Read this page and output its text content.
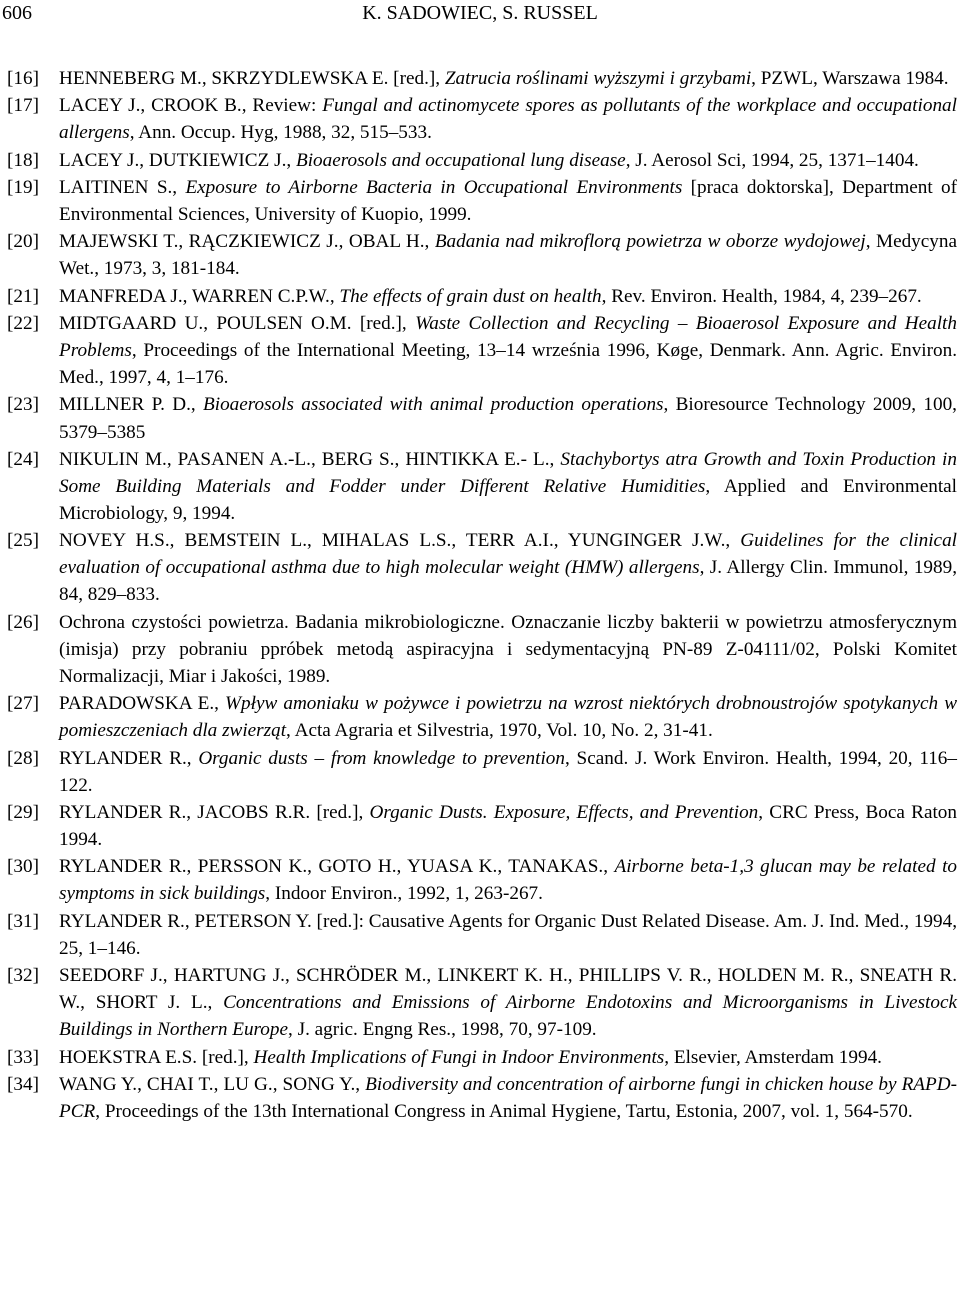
606	K. SADOWIEC, S. RUSSEL
[16] HENNEBERG M., SKRZYDLEWSKA E. [red.], Zatrucia roślinami wyższymi i grzybami, PZWL, Warszawa 1984.
[17] LACEY J., CROOK B., Review: Fungal and actinomycete spores as pollutants of the workplace and occupational allergens, Ann. Occup. Hyg, 1988, 32, 515–533.
[18] LACEY J., DUTKIEWICZ J., Bioaerosols and occupational lung disease, J. Aerosol Sci, 1994, 25, 1371–1404.
[19] LAITINEN S., Exposure to Airborne Bacteria in Occupational Environments [praca doktorska], Department of Environmental Sciences, University of Kuopio, 1999.
[20] MAJEWSKI T., RĄCZKIEWICZ J., OBAL H., Badania nad mikroflorą powietrza w oborze wydojowej, Medycyna Wet., 1973, 3, 181-184.
[21] MANFREDA J., WARREN C.P.W., The effects of grain dust on health, Rev. Environ. Health, 1984, 4, 239–267.
[22] MIDTGAARD U., POULSEN O.M. [red.], Waste Collection and Recycling – Bioaerosol Exposure and Health Problems, Proceedings of the International Meeting, 13–14 września 1996, Køge, Denmark. Ann. Agric. Environ. Med., 1997, 4, 1–176.
[23] MILLNER P. D., Bioaerosols associated with animal production operations, Bioresource Technology 2009, 100, 5379–5385
[24] NIKULIN M., PASANEN A.-L., BERG S., HINTIKKA E.- L., Stachybortys atra Growth and Toxin Production in Some Building Materials and Fodder under Different Relative Humidities, Applied and Environmental Microbiology, 9, 1994.
[25] NOVEY H.S., BEMSTEIN L., MIHALAS L.S., TERR A.I., YUNGINGER J.W., Guidelines for the clinical evaluation of occupational asthma due to high molecular weight (HMW) allergens, J. Allergy Clin. Immunol, 1989, 84, 829–833.
[26] Ochrona czystości powietrza. Badania mikrobiologiczne. Oznaczanie liczby bakterii w powietrzu atmosferycznym (imisja) przy pobraniu ppróbek metodą aspiracyjna i sedymentacyjną PN-89 Z-04111/02, Polski Komitet Normalizacji, Miar i Jakości, 1989.
[27] PARADOWSKA E., Wpływ amoniaku w pożywce i powietrzu na wzrost niektórych drobnoustrojów spotykanych w pomieszczeniach dla zwierząt, Acta Agraria et Silvestria, 1970, Vol. 10, No. 2, 31-41.
[28] RYLANDER R., Organic dusts – from knowledge to prevention, Scand. J. Work Environ. Health, 1994, 20, 116–122.
[29] RYLANDER R., JACOBS R.R. [red.], Organic Dusts. Exposure, Effects, and Prevention, CRC Press, Boca Raton 1994.
[30] RYLANDER R., PERSSON K., GOTO H., YUASA K., TANAKAS., Airborne beta-1,3 glucan may be related to symptoms in sick buildings, Indoor Environ., 1992, 1, 263-267.
[31] RYLANDER R., PETERSON Y. [red.]: Causative Agents for Organic Dust Related Disease. Am. J. Ind. Med., 1994, 25, 1–146.
[32] SEEDORF J., HARTUNG J., SCHRÖDER M., LINKERT K. H., PHILLIPS V. R., HOLDEN M. R., SNEATH R. W., SHORT J. L., Concentrations and Emissions of Airborne Endotoxins and Microorganisms in Livestock Buildings in Northern Europe, J. agric. Engng Res., 1998, 70, 97-109.
[33] HOEKSTRA E.S. [red.], Health Implications of Fungi in Indoor Environments, Elsevier, Amsterdam 1994.
[34] WANG Y., CHAI T., LU G., SONG Y., Biodiversity and concentration of airborne fungi in chicken house by RAPD-PCR, Proceedings of the 13th International Congress in Animal Hygiene, Tartu, Estonia, 2007, vol. 1, 564-570.
